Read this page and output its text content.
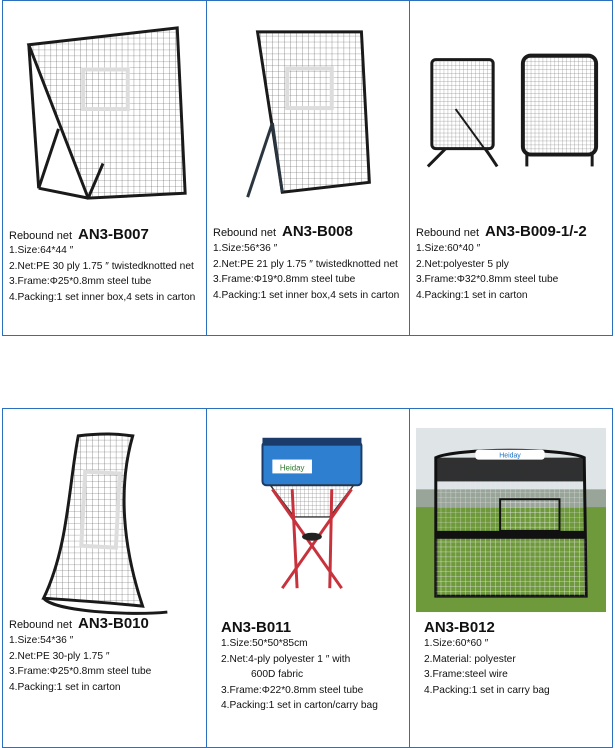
Rebound net AN3-B007
1.Size:64*44 ″
2.Net:PE 30 ply 1.75 ″ twistedknotted net
3.Frame:Φ25*0.8mm steel tube
4.Packing:1 set inner box,4 sets in carton
Rebound net AN3-B008
1.Size:56*36 ″
2.Net:PE 21 ply 1.75 ″ twistedknotted net
3.Frame:Φ19*0.8mm steel tube
4.Packing:1 set inner box,4 sets in carton
Rebound net AN3-B009-1/-2
1.Size:60*40 ″
2.Net:polyester 5 ply
3.Frame:Φ32*0.8mm steel tube
4.Packing:1 set in carton
Rebound net AN3-B010
1.Size:54*36 ″
2.Net:PE 30-ply 1.75 ″
3.Frame:Φ25*0.8mm steel tube
4.Packing:1 set in carton
Heiday
AN3-B011
1.Size:50*50*85cm
2.Net:4-ply polyester 1 ″ with
600D fabric
3.Frame:Φ22*0.8mm steel tube
4.Packing:1 set in carton/carry bag
Heiday
AN3-B012
1.Size:60*60 ″
2.Material: polyester
3.Frame:steel wire
4.Packing:1 set in carry bag
